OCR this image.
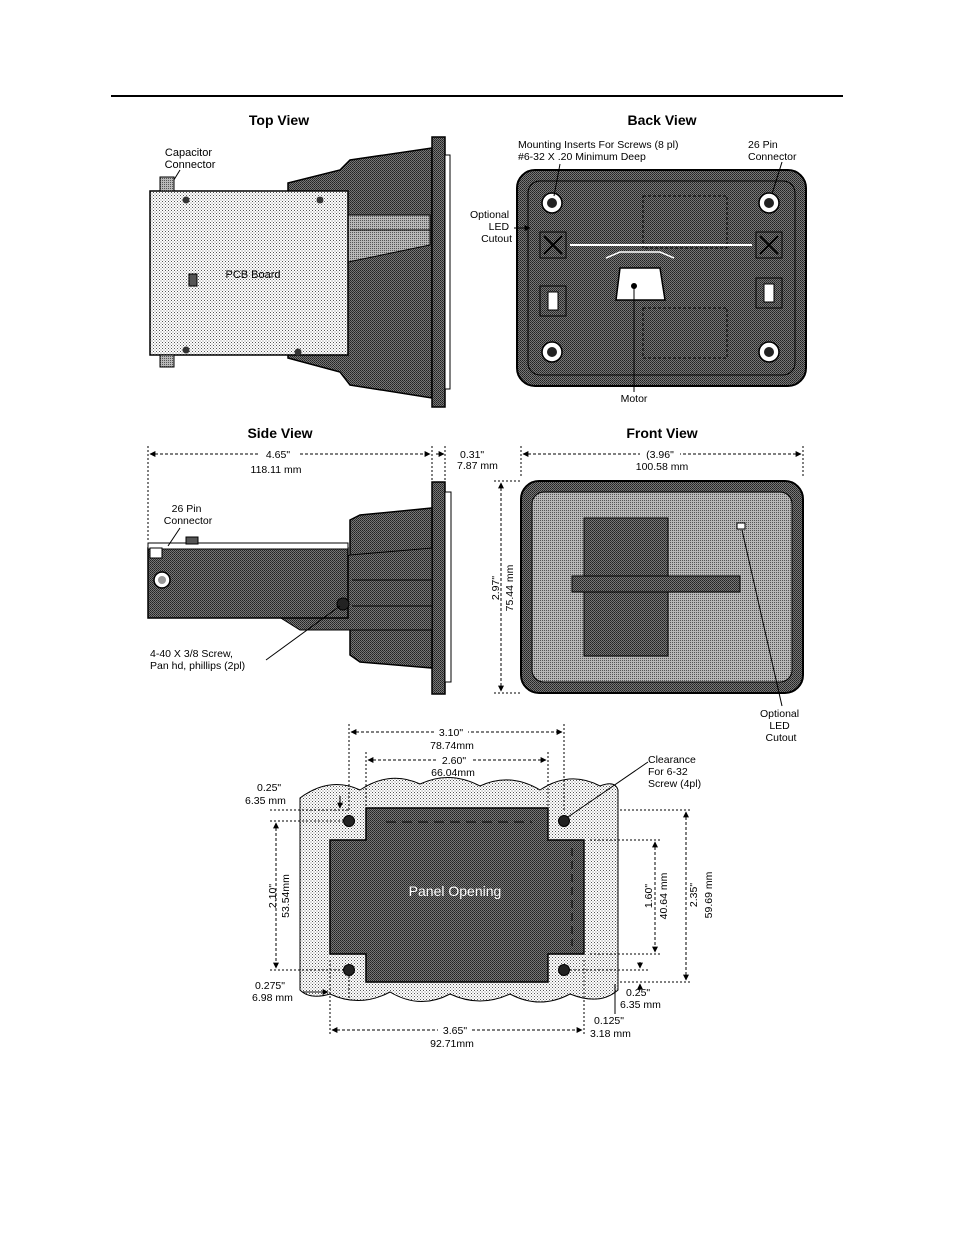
Top View
Capacitor Connector
PCB Board
Back View
Mounting Inserts For Screws (8 pl) #6-32 X .20 Minimum Deep
26 Pin Connector
Optional LED Cutout
Motor
Side View
4.65"
118.11 mm
0.31"
7.87 mm
26 Pin Connector
4-40 X 3/8 Screw, Pan hd, phillips (2pl)
Front View
(3.96"
100.58 mm
2.97" 75.44 mm
Optional LED Cutout
Panel Opening
3.10"
78.74mm
2.60"
66.04mm
Clearance For 6-32 Screw (4pl)
0.25"
6.35 mm
2.10" 53.54mm
0.275"
6.98 mm
3.65"
92.71mm
1.60" 40.64 mm 2.35" 59.69 mm
0.25"
6.35 mm
0.125"
3.18 mm
